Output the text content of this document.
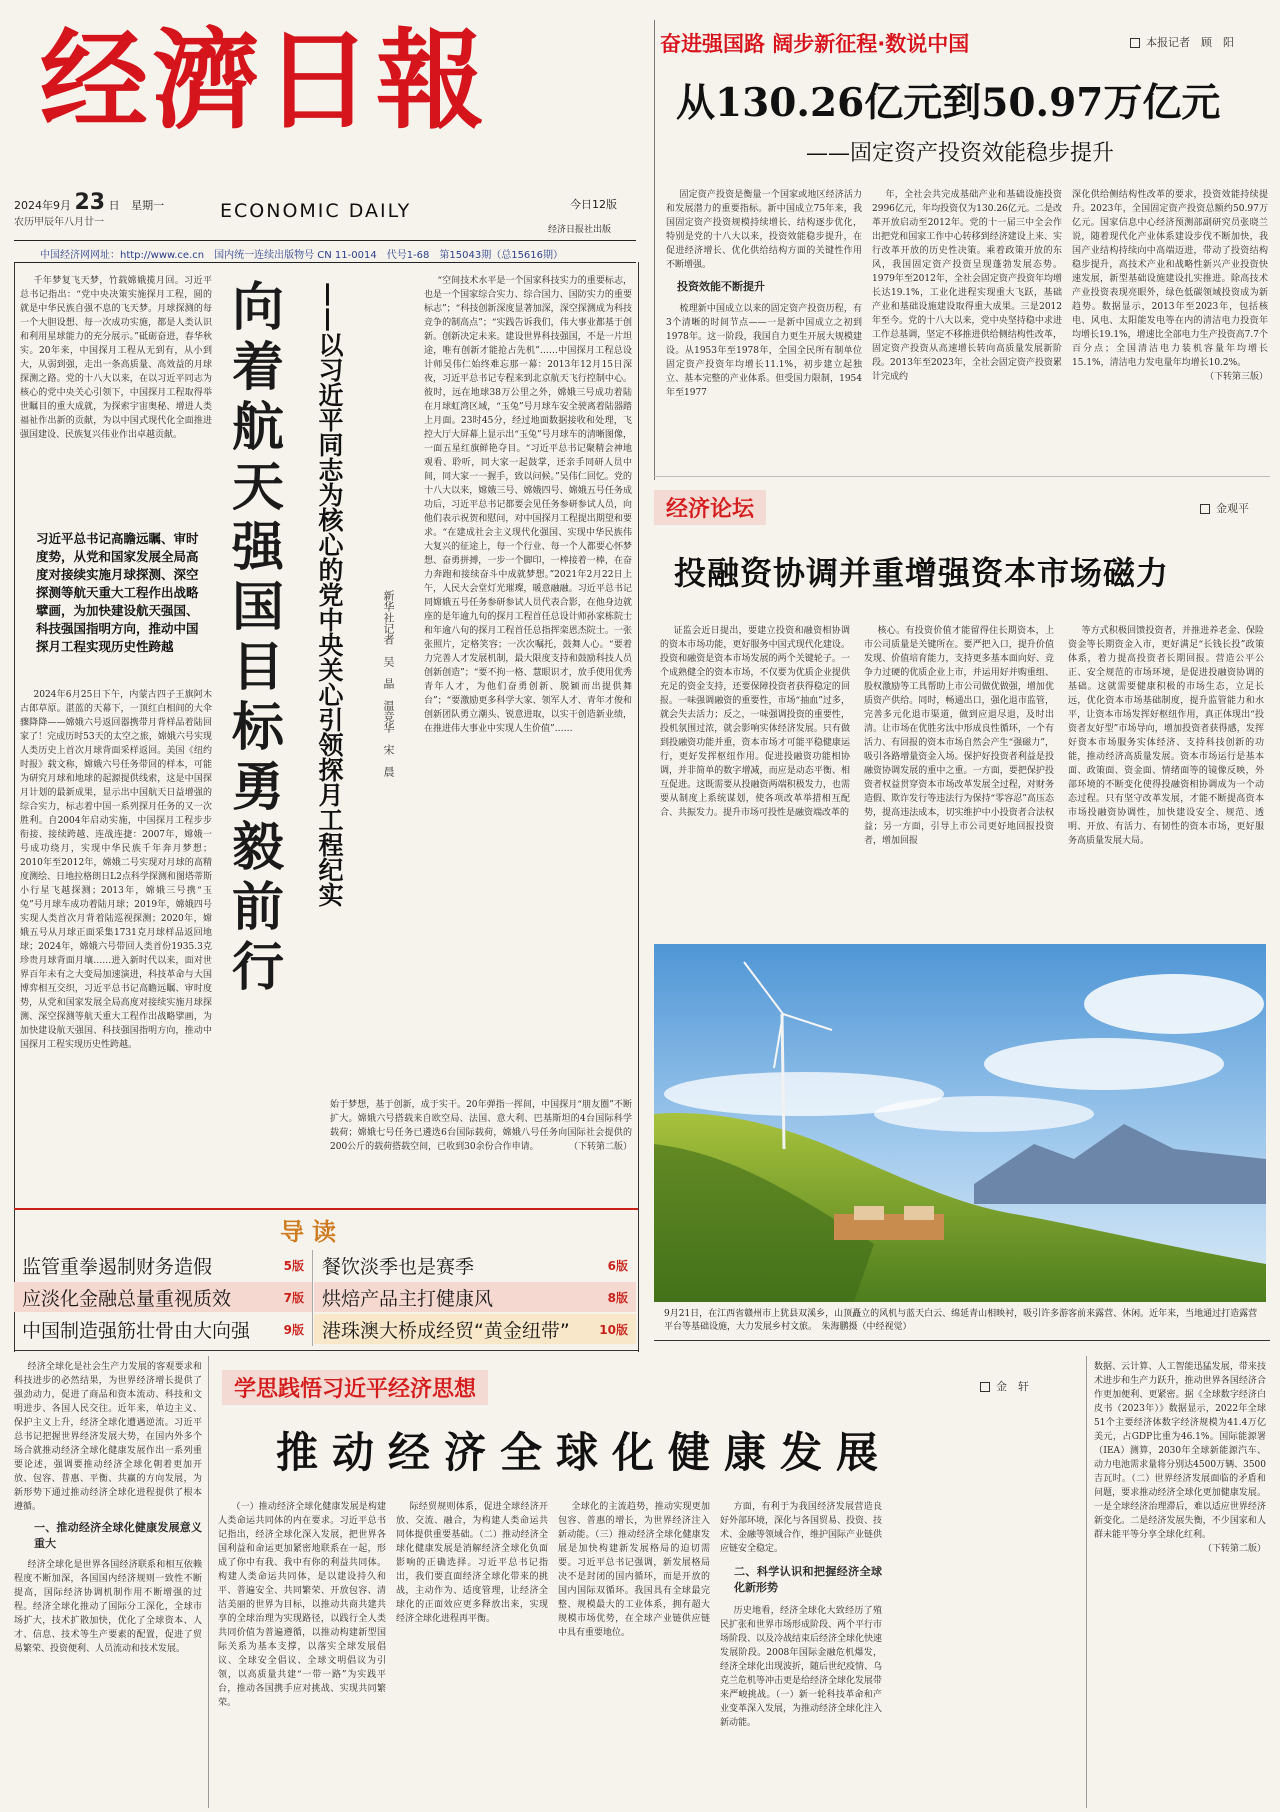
经濟日報
2024年9月 23 日 星期一
农历甲辰年八月廿一
ECONOMIC DAILY	今日12版
经济日报社出版
中国经济网网址：http://www.ce.cn　国内统一连续出版物号 CN 11-0014　代号1-68　第15043期（总15616期）
奋进强国路 阔步新征程·数说中国	本报记者　顾　阳
从130.26亿元到50.97万亿元
——固定资产投资效能稳步提升

固定资产投资是衡量一个国家或地区经济活力和发展潜力的重要指标。新中国成立75年来，我国固定资产投资规模持续增长、结构逐步优化，特别是党的十八大以来，投资效能稳步提升，在促进经济增长、优化供给结构方面的关键性作用不断增强。

投资效能不断提升

梳理新中国成立以来的固定资产投资历程，有3个清晰的时间节点——一是新中国成立之初到1978年。这一阶段，我国自力更生开展大规模建设。从1953年至1978年，全国全民所有制单位固定资产投资年均增长11.1%，初步建立起独立、基本完整的产业体系。但受国力限制，1954年至1977

年，全社会共完成基础产业和基础设施投资2996亿元，年均投资仅为130.26亿元。二是改革开放启动至2012年。党的十一届三中全会作出把党和国家工作中心转移到经济建设上来、实行改革开放的历史性决策。乘着政策开放的东风，我国固定资产投资呈现蓬勃发展态势。1979年至2012年，全社会固定资产投资年均增长达19.1%，工业化进程实现重大飞跃，基础产业和基础设施建设取得重大成果。三是2012年至今。党的十八大以来，党中央坚持稳中求进工作总基调，坚定不移推进供给侧结构性改革，固定资产投资从高速增长转向高质量发展新阶段。2013年至2023年，全社会固定资产投资累计完成约
深化供给侧结构性改革的要求，投资效能持续提升。2023年，全国固定资产投资总额约50.97万亿元。国家信息中心经济预测部副研究员张晓兰说，随着现代化产业体系建设步伐不断加快，我国产业结构持续向中高端迈进，带动了投资结构稳步提升，高技术产业和战略性新兴产业投资快速发展，新型基础设施建设扎实推进。除高技术产业投资表现亮眼外，绿色低碳领域投资成为新趋势。数据显示，2013年至2023年，包括核电、风电、太阳能发电等在内的清洁电力投资年均增长19.1%，增速比全部电力生产投资高7.7个百分点；全国清洁电力装机容量年均增长15.1%，清洁电力发电量年均增长10.2%。
（下转第三版）
千年梦复飞天梦，竹载嫦娥揽月回。习近平总书记指出：“党中央决策实施探月工程，圆的就是中华民族自强不息的飞天梦。月球探测的每一个大胆设想、每一次成功实施，都是人类认识和利用星球能力的充分展示。”砥砺奋进，春华秋实。20年来，中国探月工程从无到有，从小到大，从弱到强，走出一条高质量、高效益的月球探测之路。党的十八大以来，在以习近平同志为核心的党中央关心引领下，中国探月工程取得举世瞩目的重大成就，为探索宇宙奥秘、增进人类福祉作出新的贡献，为以中国式现代化全面推进强国建设、民族复兴伟业作出卓越贡献。
习近平总书记高瞻远瞩、审时度势，从党和国家发展全局高度对接续实施月球探测、深空探测等航天重大工程作出战略擘画，为加快建设航天强国、科技强国指明方向，推动中国探月工程实现历史性跨越
2024年6月25日下午，内蒙古四子王旗阿木古郎草原。湛蓝的天幕下，一顶红白相间的大伞骤降降——嫦娥六号返回器携带月背样品着陆回家了！完成历时53天的太空之旅，嫦娥六号实现人类历史上首次月球背面采样返回。美国《纽约时报》载文称，嫦娥六号任务带回的样本，可能为研究月球和地球的起源提供线索，这是中国探月计划的最新成果，显示出中国航天日益增强的综合实力，标志着中国一系列探月任务的又一次胜利。自2004年启动实施，中国探月工程步步衔接、接续跨越、连战连捷：2007年，嫦娥一号成功绕月，实现中华民族千年奔月梦想；2010年至2012年，嫦娥二号实现对月球的高精度测绘、日地拉格朗日L2点科学探测和图塔蒂斯小行星飞越探测；2013年，嫦娥三号携“玉兔”号月球车成功着陆月球；2019年，嫦娥四号实现人类首次月背着陆巡视探测；2020年，嫦娥五号从月球正面采集1731克月球样品返回地球；2024年，嫦娥六号带回人类首份1935.3克珍贵月球背面月壤……进入新时代以来，面对世界百年未有之大变局加速演进，科技革命与大国博弈相互交织，习近平总书记高瞻远瞩、审时度势，从党和国家发展全局高度对接续实施月球探测、深空探测等航天重大工程作出战略擘画，为加快建设航天强国、科技强国指明方向，推动中国探月工程实现历史性跨越。
向
着
航
天
强
国
目
标
勇
毅
前
行
——以习近平同志为核心的党中央关心引领探月工程纪实	新华社记者　吴　晶　温竞华　宋　晨
“空间技术水平是一个国家科技实力的重要标志，也是一个国家综合实力、综合国力、国防实力的重要标志”；“科技创新深度显著加深，深空探测成为科技竞争的制高点”；“实践告诉我们，伟大事业都基于创新。创新决定未来。建设世界科技强国，不是一片坦途，唯有创新才能抢占先机”……中国探月工程总设计师吴伟仁始终难忘那一幕：2013年12月15日深夜，习近平总书记专程来到北京航天飞行控制中心。彼时，远在地球38万公里之外，嫦娥三号成功着陆在月球虹湾区域，“玉兔”号月球车安全驶离着陆器踏上月面。23时45分，经过地面数据接收和处理，飞控大厅大屏幕上显示出“玉兔”号月球车的清晰图像，一面五星红旗鲜艳夺目。“习近平总书记聚精会神地观看、聆听，同大家一起鼓掌，还亲手同研人员中间，同大家一一握手，致以问候。”吴伟仁回忆。党的十八大以来，嫦娥三号、嫦娥四号、嫦娥五号任务成功后，习近平总书记都要会见任务参研参试人员，向他们表示祝贺和慰问，对中国探月工程提出期望和要求。“在建成社会主义现代化强国、实现中华民族伟大复兴的征途上，每一个行业、每一个人都要心怀梦想、奋勇拼搏，一步一个脚印，一棒接着一棒，在奋力奔跑和接续奋斗中成就梦想。”2021年2月22日上午，人民大会堂灯光璀璨，暖意融融。习近平总书记同嫦娥五号任务参研参试人员代表合影，在他身边就座的是年逾九旬的探月工程首任总设计师孙家栋院士和年逾八旬的探月工程首任总指挥栾恩杰院士。一张张照片，定格笑容；一次次嘱托，鼓舞人心。“要着力完善人才发展机制，最大限度支持和鼓励科技人员创新创造”；“要不拘一格、慧眼识才，放手使用优秀青年人才，为他们奋勇创新、脱颖而出提供舞台”；“要激励更多科学大家、领军人才、青年才俊和创新团队勇立潮头、锐意进取，以实干创造新业绩，在推进伟大事业中实现人生价值”……
始于梦想，基于创新，成于实干。20年弹指一挥间，中国探月“朋友圈”不断扩大。嫦娥六号搭载来自欧空局、法国、意大利、巴基斯坦的4台国际科学载荷；嫦娥七号任务已遴选6台国际载荷，嫦娥八号任务向国际社会提供的200公斤的载荷搭载空间，已收到30余份合作申请。	（下转第二版）
导读
监管重拳遏制财务造假	5版 餐饮淡季也是赛季	6版
应淡化金融总量重视质效	7版 烘焙产品主打健康风	8版
中国制造强筋壮骨由大向强	9版 港珠澳大桥成经贸“黄金纽带” 10版
经济论坛	金观平
投融资协调并重增强资本市场磁力
证监会近日提出，要建立投资和融资相协调的资本市场功能，更好服务中国式现代化建设。投资和融资是资本市场发展的两个关键轮子。一个成熟健全的资本市场，不仅要为优质企业提供充足的资金支持，还要保障投资者获得稳定的回报。一味强调融资的重要性，市场“抽血”过多，就会失去活力；反之，一味强调投资的重要性，投机氛围过浓，就会影响实体经济发展。只有做到投融资功能并重，资本市场才可能平稳健康运行，更好发挥枢纽作用。促进投融资功能相协调，并非简单的数字增减，而应是动态平衡、相互促进。这既需要从投融资两端积极发力，也需要从制度上系统谋划，使各项改革举措相互配合、共振发力。提升市场可投性是融资端改革的
核心。有投资价值才能留得住长期资本，上市公司质量是关键所在。要严把入口，提升价值发现、价值培育能力，支持更多基本面向好、竞争力过硬的优质企业上市，并运用好并购重组、股权激励等工具帮助上市公司做优做强，增加优质资产供给。同时，畅通出口，强化退市监管，完善多元化退市渠道，做到应退尽退，及时出清。让市场在优胜劣汰中形成良性循环，一个有活力、有回报的资本市场自然会产生“强磁力”，吸引各路增量资金入场。保护好投资者利益是投融资协调发展的重中之重。一方面，要把保护投资者权益贯穿资本市场改革发展全过程，对财务造假、欺诈发行等违法行为保持“零容忍”高压态势，提高违法成本，切实维护中小投资者合法权益；另一方面，引导上市公司更好地回报投资者，增加回报
等方式积极回馈投资者，并推进养老金、保险资金等长期资金入市，更好满足“长钱长投”政策体系，着力提高投资者长期回报。营造公平公正、安全规范的市场环境，是促进投融资协调的基础。这就需要健康积极的市场生态，立足长远，优化资本市场基础制度，提升监管能力和水平，让资本市场发挥好枢纽作用，真正体现出“投资者友好型”市场导向，增加投资者获得感，发挥好资本市场服务实体经济、支持科技创新的功能，推动经济高质量发展。资本市场运行是基本面、政策面、资金面、情绪面等的镜像反映，外部环境的不断变化使得投融资相协调成为一个动态过程。只有坚守改革发展，才能不断提高资本市场投融资协调性，加快建设安全、规范、透明、开放、有活力、有韧性的资本市场，更好服务高质量发展大局。
9月21日，在江西省赣州市上犹县双溪乡，山顶矗立的风机与蓝天白云、绵延青山相映衬，吸引许多游客前来露营、休闲。近年来，当地通过打造露营平台等基础设施，大力发展乡村文旅。　朱海鹏摄（中经视觉）

经济全球化是社会生产力发展的客观要求和科技进步的必然结果，为世界经济增长提供了强劲动力，促进了商品和资本流动、科技和文明进步、各国人民交往。近年来，单边主义、保护主义上升，经济全球化遭遇逆流。习近平总书记把握世界经济发展大势，在国内外多个场合就推动经济全球化健康发展作出一系列重要论述，强调要推动经济全球化朝着更加开放、包容、普惠、平衡、共赢的方向发展，为新形势下通过推动经济全球化进程提供了根本遵循。

一、推动经济全球化健康发展意义重大

经济全球化是世界各国经济联系和相互依赖程度不断加深，各国国内经济规则一致性不断提高，国际经济协调机制作用不断增强的过程。经济全球化推动了国际分工深化，全球市场扩大，技术扩散加快，优化了全球资本、人才、信息、技术等生产要素的配置，促进了贸易繁荣、投资便利、人员流动和技术发展。

学思践悟习近平经济思想	金　轩
推动经济全球化健康发展
（一）推动经济全球化健康发展是构建人类命运共同体的内在要求。习近平总书记指出，经济全球化深入发展，把世界各国利益和命运更加紧密地联系在一起，形成了你中有我、我中有你的利益共同体。构建人类命运共同体，是以建设持久和平、普遍安全、共同繁荣、开放包容、清洁美丽的世界为目标，以推动共商共建共享的全球治理为实现路径，以践行全人类共同价值为普遍遵循，以推动构建新型国际关系为基本支撑，以落实全球发展倡议、全球安全倡议、全球文明倡议为引领，以高质量共建“一带一路”为实践平台，推动各国携手应对挑战、实现共同繁荣。
际经贸规则体系，促进全球经济开放、交流、融合，为构建人类命运共同体提供重要基础。（二）推动经济全球化健康发展是消解经济全球化负面影响的正确选择。习近平总书记指出，我们要直面经济全球化带来的挑战，主动作为、适度管理，让经济全球化的正面效应更多释放出来，实现经济全球化进程再平衡。
全球化的主流趋势，推动实现更加包容、普惠的增长，为世界经济注入新动能。（三）推动经济全球化健康发展是加快构建新发展格局的迫切需要。习近平总书记强调，新发展格局决不是封闭的国内循环，而是开放的国内国际双循环。我国具有全球最完整、规模最大的工业体系，拥有超大规模市场优势，在全球产业链供应链中具有重要地位。

方面，有利于为我国经济发展营造良好外部环境，深化与各国贸易、投资、技术、金融等领域合作，维护国际产业链供应链安全稳定。

二、科学认识和把握经济全球化新形势

历史地看，经济全球化大致经历了殖民扩张和世界市场形成阶段、两个平行市场阶段、以及冷战结束后经济全球化快速发展阶段。2008年国际金融危机爆发，经济全球化出现波折，随后世纪疫情、乌克兰危机等冲击更是给经济全球化发展带来严峻挑战。（一）新一轮科技革命和产业变革深入发展，为推动经济全球化注入新动能。

数据、云计算、人工智能迅猛发展，带来技术进步和生产力跃升，推动世界各国经济合作更加便利、更紧密。据《全球数字经济白皮书（2023年）》数据显示，2022年全球51个主要经济体数字经济规模为41.4万亿美元，占GDP比重为46.1%。国际能源署（IEA）测算，2030年全球新能源汽车、动力电池需求量将分别达4500万辆、3500吉瓦时。（二）世界经济发展面临的矛盾和问题，要求推动经济全球化更加健康发展。一是全球经济治理滞后，难以适应世界经济新变化。二是经济发展失衡，不少国家和人群未能平等分享全球化红利。
（下转第二版）
